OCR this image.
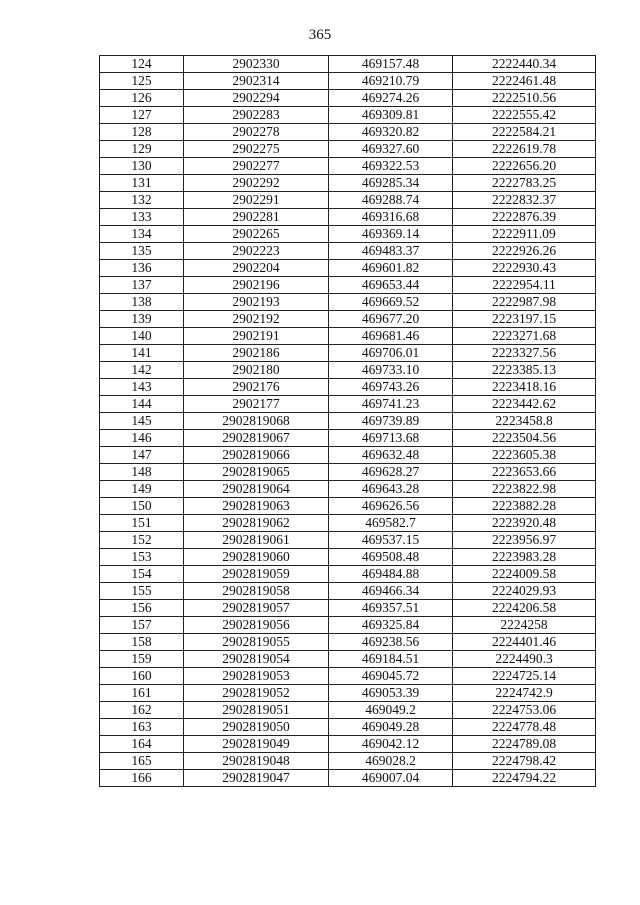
365
124	2902330	469157.48	2222440.34
125	2902314	469210.79	2222461.48
126	2902294	469274.26	2222510.56
127	2902283	469309.81	2222555.42
128	2902278	469320.82	2222584.21
129	2902275	469327.60	2222619.78
130	2902277	469322.53	2222656.20
131	2902292	469285.34	2222783.25
132	2902291	469288.74	2222832.37
133	2902281	469316.68	2222876.39
134	2902265	469369.14	2222911.09
135	2902223	469483.37	2222926.26
136	2902204	469601.82	2222930.43
137	2902196	469653.44	2222954.11
138	2902193	469669.52	2222987.98
139	2902192	469677.20	2223197.15
140	2902191	469681.46	2223271.68
141	2902186	469706.01	2223327.56
142	2902180	469733.10	2223385.13
143	2902176	469743.26	2223418.16
144	2902177	469741.23	2223442.62
145	2902819068	469739.89	2223458.8
146	2902819067	469713.68	2223504.56
147	2902819066	469632.48	2223605.38
148	2902819065	469628.27	2223653.66
149	2902819064	469643.28	2223822.98
150	2902819063	469626.56	2223882.28
151	2902819062	469582.7	2223920.48
152	2902819061	469537.15	2223956.97
153	2902819060	469508.48	2223983.28
154	2902819059	469484.88	2224009.58
155	2902819058	469466.34	2224029.93
156	2902819057	469357.51	2224206.58
157	2902819056	469325.84	2224258
158	2902819055	469238.56	2224401.46
159	2902819054	469184.51	2224490.3
160	2902819053	469045.72	2224725.14
161	2902819052	469053.39	2224742.9
162	2902819051	469049.2	2224753.06
163	2902819050	469049.28	2224778.48
164	2902819049	469042.12	2224789.08
165	2902819048	469028.2	2224798.42
166	2902819047	469007.04	2224794.22
